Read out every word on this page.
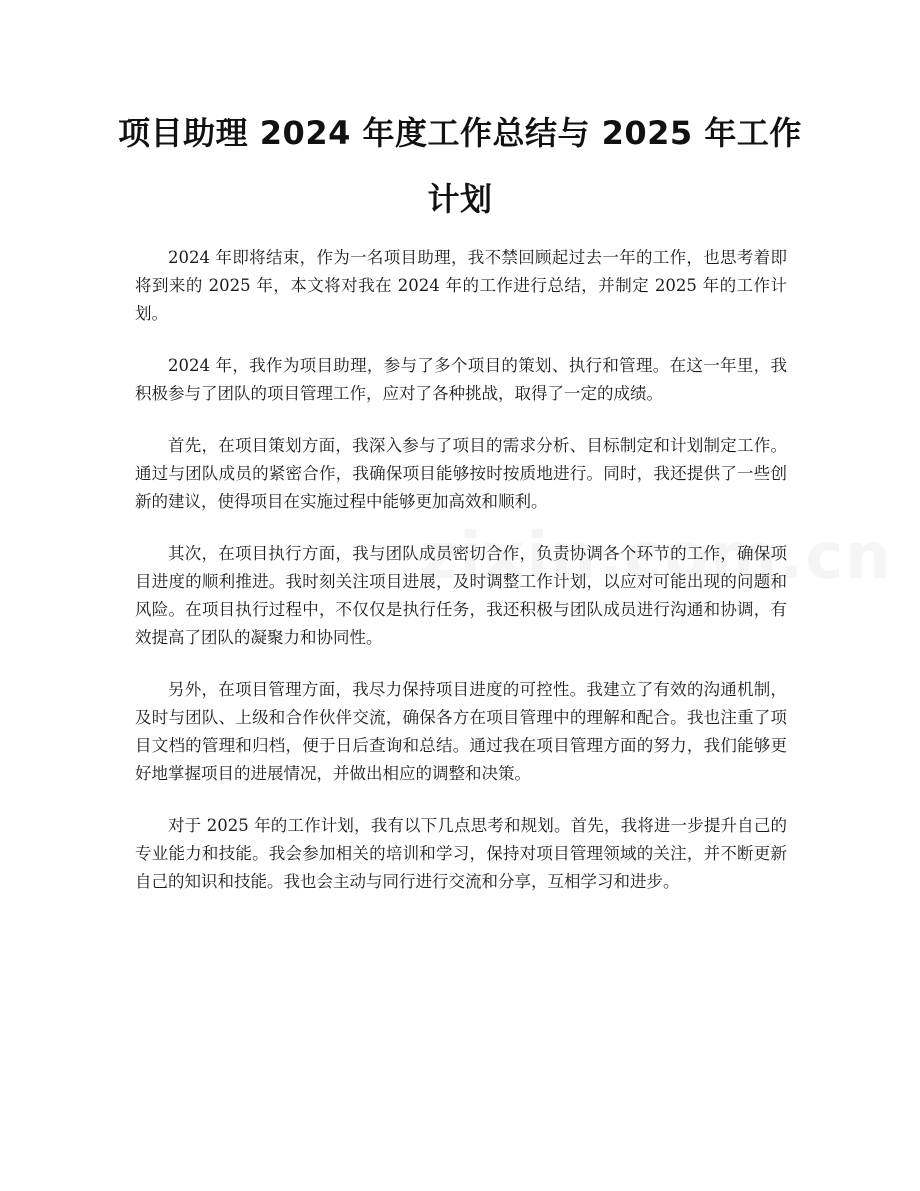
项目助理 2024 年度工作总结与 2025 年工作计划

2024 年即将结束，作为一名项目助理，我不禁回顾起过去一年的工作，也思考着即将到来的 2025 年，本文将对我在 2024 年的工作进行总结，并制定 2025 年的工作计划。

2024 年，我作为项目助理，参与了多个项目的策划、执行和管理。在这一年里，我积极参与了团队的项目管理工作，应对了各种挑战，取得了一定的成绩。

首先，在项目策划方面，我深入参与了项目的需求分析、目标制定和计划制定工作。通过与团队成员的紧密合作，我确保项目能够按时按质地进行。同时，我还提供了一些创新的建议，使得项目在实施过程中能够更加高效和顺利。

其次，在项目执行方面，我与团队成员密切合作，负责协调各个环节的工作，确保项目进度的顺利推进。我时刻关注项目进展，及时调整工作计划，以应对可能出现的问题和风险。在项目执行过程中，不仅仅是执行任务，我还积极与团队成员进行沟通和协调，有效提高了团队的凝聚力和协同性。

另外，在项目管理方面，我尽力保持项目进度的可控性。我建立了有效的沟通机制，及时与团队、上级和合作伙伴交流，确保各方在项目管理中的理解和配合。我也注重了项目文档的管理和归档，便于日后查询和总结。通过我在项目管理方面的努力，我们能够更好地掌握项目的进展情况，并做出相应的调整和决策。

对于 2025 年的工作计划，我有以下几点思考和规划。首先，我将进一步提升自己的专业能力和技能。我会参加相关的培训和学习，保持对项目管理领域的关注，并不断更新自己的知识和技能。我也会主动与同行进行交流和分享，互相学习和进步。
